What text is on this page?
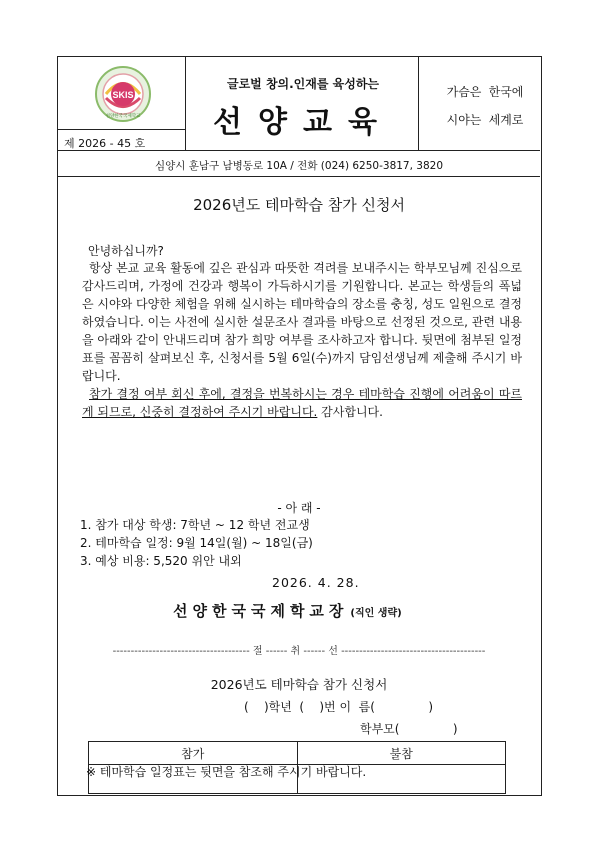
SKIS
선양한국국제학교
제 2026 - 45 호
글로벌 창의.인재를 육성하는
선양교육
가슴은 한국에
시야는 세계로
심양시 훈남구 남병동로 10A / 전화 (024) 6250-3817, 3820
2026년도 테마학습 참가 신청서
안녕하십니까?

항상 본교 교육 활동에 깊은 관심과 따뜻한 격려를 보내주시는 학부모님께 진심으로 감사드리며, 가정에 건강과 행복이 가득하시기를 기원합니다. 본교는 학생들의 폭넓은 시야와 다양한 체험을 위해 실시하는 테마학습의 장소를 충칭, 성도 일원으로 결정하였습니다. 이는 사전에 실시한 설문조사 결과를 바탕으로 선정된 것으로, 관련 내용을 아래와 같이 안내드리며 참가 희망 여부를 조사하고자 합니다. 뒷면에 첨부된 일정표를 꼼꼼히 살펴보신 후, 신청서를 5월 6일(수)까지 담임선생님께 제출해 주시기 바랍니다.

참가 결정 여부 회신 후에, 결정을 번복하시는 경우 테마학습 진행에 어려움이 따르게 되므로, 신중히 결정하여 주시기 바랍니다. 감사합니다.

- 아 래 -
1. 참가 대상 학생: 7학년 ~ 12 학년 전교생
2. 테마학습 일정: 9월 14일(월) ~ 18일(금)
3. 예상 비용: 5,520 위안 내외
2026. 4. 28.
선양한국국제학교장 (직인 생략)
-------------------------------------- 절 ------ 취 ------ 선 ----------------------------------------
2026년도 테마학습 참가 신청서
(    )학년  (    )번 이  름(              )
학부모(              )
참가	불참

※ 테마학습 일정표는 뒷면을 참조해 주시기 바랍니다.
